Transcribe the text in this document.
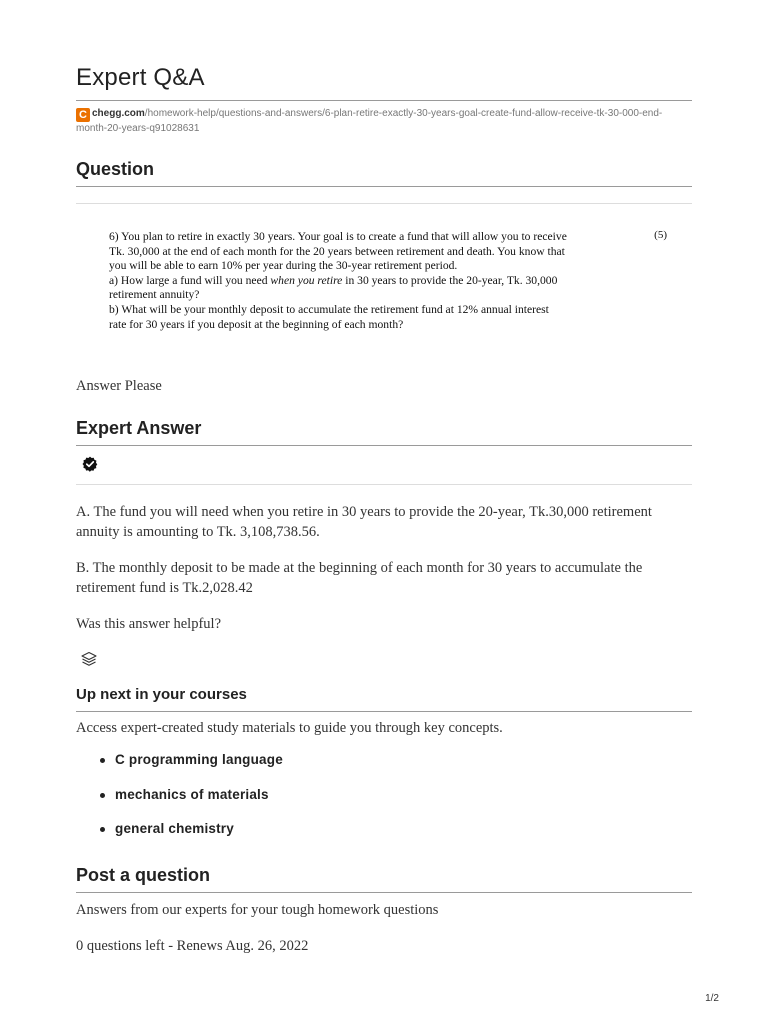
Expert Q&A
C chegg.com/homework-help/questions-and-answers/6-plan-retire-exactly-30-years-goal-create-fund-allow-receive-tk-30-000-end-month-20-years-q91028631
Question
(5)
6) You plan to retire in exactly 30 years. Your goal is to create a fund that will allow you to receive
Tk. 30,000 at the end of each month for the 20 years between retirement and death. You know that
you will be able to earn 10% per year during the 30-year retirement period.
a) How large a fund will you need when you retire in 30 years to provide the 20-year, Tk. 30,000
retirement annuity?
b) What will be your monthly deposit to accumulate the retirement fund at 12% annual interest
rate for 30 years if you deposit at the beginning of each month?
Answer Please
Expert Answer
A. The fund you will need when you retire in 30 years to provide the 20-year, Tk.30,000 retirement annuity is amounting to Tk. 3,108,738.56.
B. The monthly deposit to be made at the beginning of each month for 30 years to accumulate the retirement fund is Tk.2,028.42
Was this answer helpful?
Up next in your courses
Access expert-created study materials to guide you through key concepts.
C programming language
mechanics of materials
general chemistry
Post a question
Answers from our experts for your tough homework questions
0 questions left - Renews Aug. 26, 2022
1/2
